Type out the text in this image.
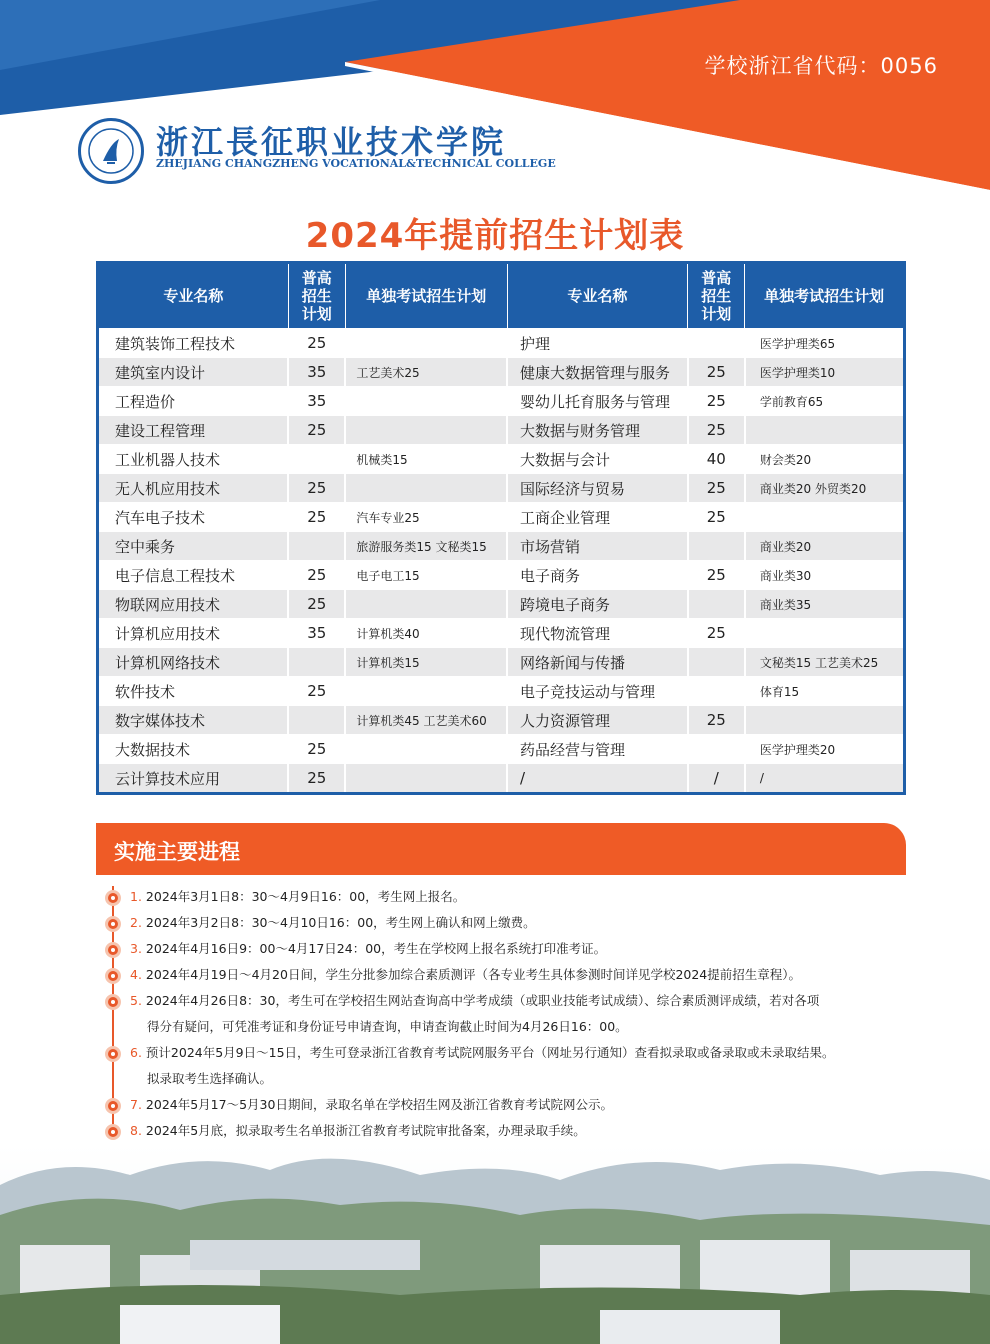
学校浙江省代码：0056
浙江長征职业技术学院
ZHEJIANG CHANGZHENG VOCATIONAL&TECHNICAL COLLEGE
2024年提前招生计划表
专业名称	普高招生计划	单独考试招生计划	专业名称	普高招生计划	单独考试招生计划
建筑装饰工程技术	25		护理		医学护理类65
建筑室内设计	35	工艺美术25	健康大数据管理与服务	25	医学护理类10
工程造价	35		婴幼儿托育服务与管理	25	学前教育65
建设工程管理	25		大数据与财务管理	25	
工业机器人技术		机械类15	大数据与会计	40	财会类20
无人机应用技术	25		国际经济与贸易	25	商业类20 外贸类20
汽车电子技术	25	汽车专业25	工商企业管理	25	
空中乘务		旅游服务类15 文秘类15	市场营销		商业类20
电子信息工程技术	25	电子电工15	电子商务	25	商业类30
物联网应用技术	25		跨境电子商务		商业类35
计算机应用技术	35	计算机类40	现代物流管理	25	
计算机网络技术		计算机类15	网络新闻与传播		文秘类15 工艺美术25
软件技术	25		电子竞技运动与管理		体育15
数字媒体技术		计算机类45 工艺美术60	人力资源管理	25	
大数据技术	25		药品经营与管理		医学护理类20
云计算技术应用	25		/	/	/
实施主要进程
1. 2024年3月1日8：30～4月9日16：00，考生网上报名。
2. 2024年3月2日8：30～4月10日16：00，考生网上确认和网上缴费。
3. 2024年4月16日9：00～4月17日24：00，考生在学校网上报名系统打印准考证。
4. 2024年4月19日～4月20日间，学生分批参加综合素质测评（各专业考生具体参测时间详见学校2024提前招生章程）。
5. 2024年4月26日8：30，考生可在学校招生网站查询高中学考成绩（或职业技能考试成绩）、综合素质测评成绩，若对各项
得分有疑问，可凭准考证和身份证号申请查询，申请查询截止时间为4月26日16：00。
6. 预计2024年5月9日～15日，考生可登录浙江省教育考试院网服务平台（网址另行通知）查看拟录取或备录取或未录取结果。
拟录取考生选择确认。
7. 2024年5月17～5月30日期间，录取名单在学校招生网及浙江省教育考试院网公示。
8. 2024年5月底，拟录取考生名单报浙江省教育考试院审批备案，办理录取手续。
